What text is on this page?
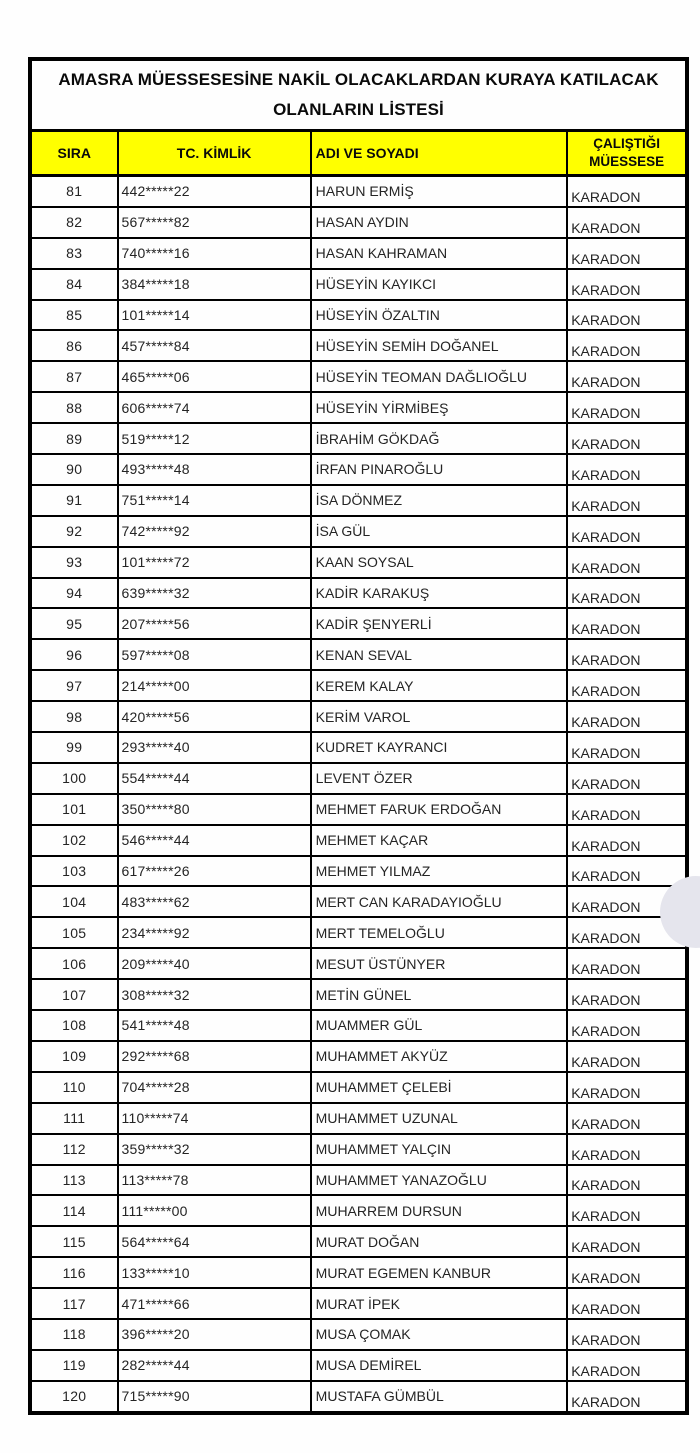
AMASRA MÜESSESESİNE NAKİL OLACAKLARDAN KURAYA KATILACAK OLANLARIN LİSTESİ			
SIRA	TC. KİMLİK	ADI VE SOYADI	ÇALIŞTIĞI MÜESSESE
81	442*****22	HARUN ERMİŞ	KARADON
82	567*****82	HASAN AYDIN	KARADON
83	740*****16	HASAN KAHRAMAN	KARADON
84	384*****18	HÜSEYİN KAYIKCI	KARADON
85	101*****14	HÜSEYİN ÖZALTIN	KARADON
86	457*****84	HÜSEYİN SEMİH DOĞANEL	KARADON
87	465*****06	HÜSEYİN TEOMAN DAĞLIOĞLU	KARADON
88	606*****74	HÜSEYİN YİRMİBEŞ	KARADON
89	519*****12	İBRAHİM GÖKDAĞ	KARADON
90	493*****48	İRFAN PINAROĞLU	KARADON
91	751*****14	İSA DÖNMEZ	KARADON
92	742*****92	İSA GÜL	KARADON
93	101*****72	KAAN SOYSAL	KARADON
94	639*****32	KADİR KARAKUŞ	KARADON
95	207*****56	KADİR ŞENYERLİ	KARADON
96	597*****08	KENAN SEVAL	KARADON
97	214*****00	KEREM KALAY	KARADON
98	420*****56	KERİM VAROL	KARADON
99	293*****40	KUDRET KAYRANCI	KARADON
100	554*****44	LEVENT ÖZER	KARADON
101	350*****80	MEHMET FARUK ERDOĞAN	KARADON
102	546*****44	MEHMET KAÇAR	KARADON
103	617*****26	MEHMET YILMAZ	KARADON
104	483*****62	MERT CAN KARADAYIOĞLU	KARADON
105	234*****92	MERT TEMELOĞLU	KARADON
106	209*****40	MESUT ÜSTÜNYER	KARADON
107	308*****32	METİN GÜNEL	KARADON
108	541*****48	MUAMMER GÜL	KARADON
109	292*****68	MUHAMMET AKYÜZ	KARADON
110	704*****28	MUHAMMET ÇELEBİ	KARADON
111	110*****74	MUHAMMET UZUNAL	KARADON
112	359*****32	MUHAMMET YALÇIN	KARADON
113	113*****78	MUHAMMET YANAZOĞLU	KARADON
114	111*****00	MUHARREM DURSUN	KARADON
115	564*****64	MURAT DOĞAN	KARADON
116	133*****10	MURAT EGEMEN KANBUR	KARADON
117	471*****66	MURAT İPEK	KARADON
118	396*****20	MUSA ÇOMAK	KARADON
119	282*****44	MUSA DEMİREL	KARADON
120	715*****90	MUSTAFA GÜMBÜL	KARADON
